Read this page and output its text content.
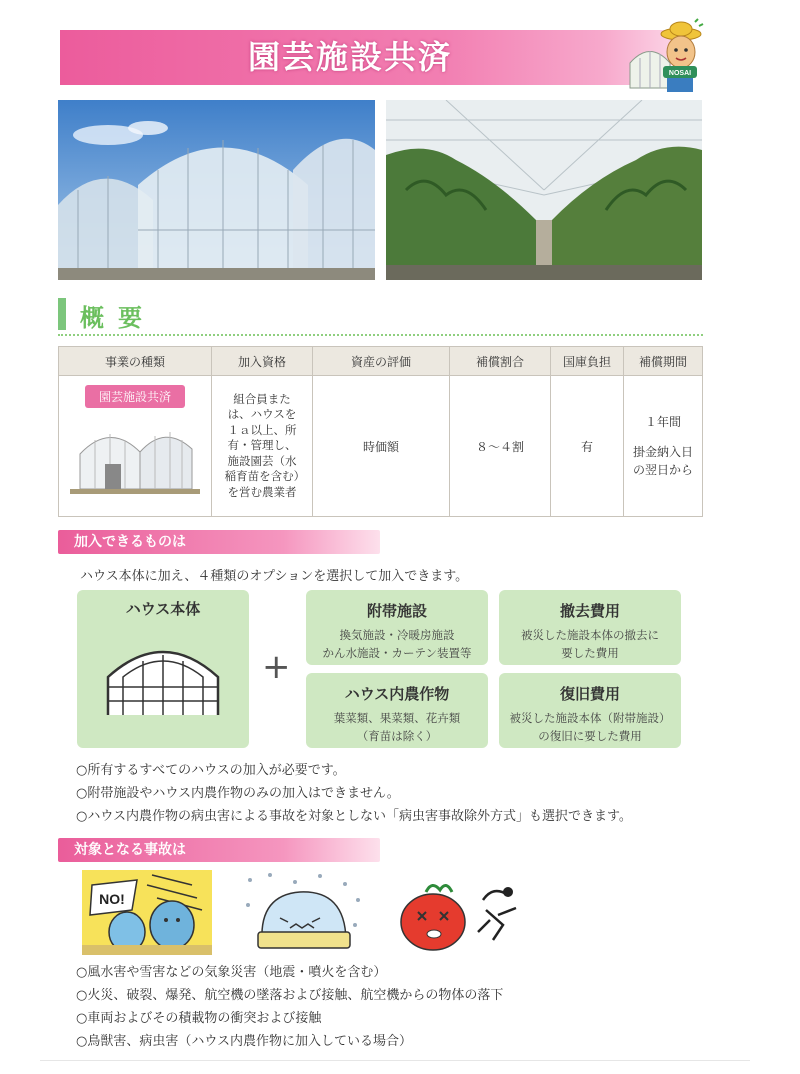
園芸施設共済	NOSAI
概要
事業の種類	加入資格	資産の評価	補償割合	国庫負担	補償期間
園芸施設共済	組合員または、ハウスを１ａ以上、所有・管理し、施設園芸（水稲育苗を含む）を営む農業者	時価額	８～４割	有	１年間
掛金納入日
の翌日から
加入できるものは
ハウス本体に加え、４種類のオプションを選択して加入できます。
ハウス本体
+
附帯施設
換気施設・冷暖房施設
かん水施設・カーテン装置等
撤去費用
被災した施設本体の撤去に
要した費用
ハウス内農作物
葉菜類、果菜類、花卉類
（育苗は除く）
復旧費用
被災した施設本体（附帯施設）
の復旧に要した費用
○所有するすべてのハウスの加入が必要です。
○附帯施設やハウス内農作物のみの加入はできません。
○ハウス内農作物の病虫害による事故を対象としない「病虫害事故除外方式」も選択できます。
対象となる事故は
NO!
○風水害や雪害などの気象災害（地震・噴火を含む）
○火災、破裂、爆発、航空機の墜落および接触、航空機からの物体の落下
○車両およびその積載物の衝突および接触
○鳥獣害、病虫害（ハウス内農作物に加入している場合）
